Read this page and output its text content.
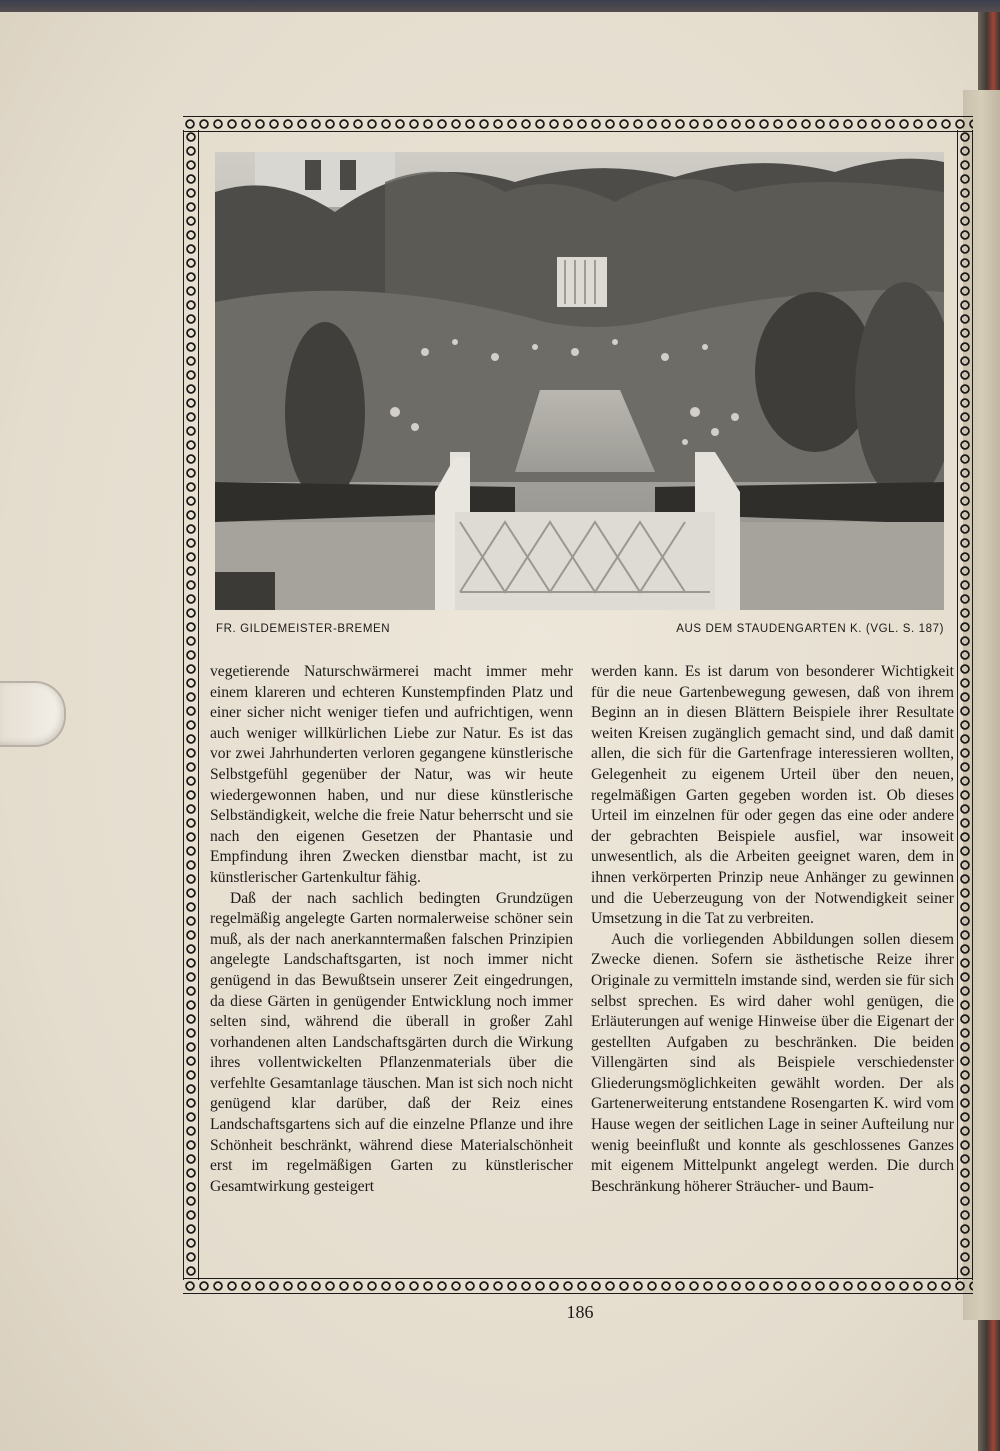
FR. GILDEMEISTER-BREMEN	AUS DEM STAUDENGARTEN K. (VGL. S. 187)

vegetierende Naturschwärmerei macht immer mehr einem klareren und echteren Kunstempfinden Platz und einer sicher nicht weniger tiefen und aufrichtigen, wenn auch weniger willkürlichen Liebe zur Natur. Es ist das vor zwei Jahrhunderten verloren gegangene künstlerische Selbstgefühl gegenüber der Natur, was wir heute wiedergewonnen haben, und nur diese künstlerische Selbständigkeit, welche die freie Natur beherrscht und sie nach den eigenen Gesetzen der Phantasie und Empfindung ihren Zwecken dienstbar macht, ist zu künstlerischer Gartenkultur fähig.

Daß der nach sachlich bedingten Grundzügen regelmäßig angelegte Garten normalerweise schöner sein muß, als der nach anerkanntermaßen falschen Prinzipien angelegte Landschaftsgarten, ist noch immer nicht genügend in das Bewußtsein unserer Zeit eingedrungen, da diese Gärten in genügender Entwicklung noch immer selten sind, während die überall in großer Zahl vorhandenen alten Landschaftsgärten durch die Wirkung ihres vollentwickelten Pflanzenmaterials über die verfehlte Gesamtanlage täuschen. Man ist sich noch nicht genügend klar darüber, daß der Reiz eines Landschaftsgartens sich auf die einzelne Pflanze und ihre Schönheit beschränkt, während diese Materialschönheit erst im regelmäßigen Garten zu künstlerischer Gesamtwirkung gesteigert

werden kann. Es ist darum von besonderer Wichtigkeit für die neue Gartenbewegung gewesen, daß von ihrem Beginn an in diesen Blättern Beispiele ihrer Resultate weiten Kreisen zugänglich gemacht sind, und daß damit allen, die sich für die Gartenfrage interessieren wollten, Gelegenheit zu eigenem Urteil über den neuen, regelmäßigen Garten gegeben worden ist. Ob dieses Urteil im einzelnen für oder gegen das eine oder andere der gebrachten Beispiele ausfiel, war insoweit unwesentlich, als die Arbeiten geeignet waren, dem in ihnen verkörperten Prinzip neue Anhänger zu gewinnen und die Ueberzeugung von der Notwendigkeit seiner Umsetzung in die Tat zu verbreiten.

Auch die vorliegenden Abbildungen sollen diesem Zwecke dienen. Sofern sie ästhetische Reize ihrer Originale zu vermitteln imstande sind, werden sie für sich selbst sprechen. Es wird daher wohl genügen, die Erläuterungen auf wenige Hinweise über die Eigenart der gestellten Aufgaben zu beschränken. Die beiden Villengärten sind als Beispiele verschiedenster Gliederungsmöglichkeiten gewählt worden. Der als Gartenerweiterung entstandene Rosengarten K. wird vom Hause wegen der seitlichen Lage in seiner Aufteilung nur wenig beeinflußt und konnte als geschlossenes Ganzes mit eigenem Mittelpunkt angelegt werden. Die durch Beschränkung höherer Sträucher- und Baum-

186
